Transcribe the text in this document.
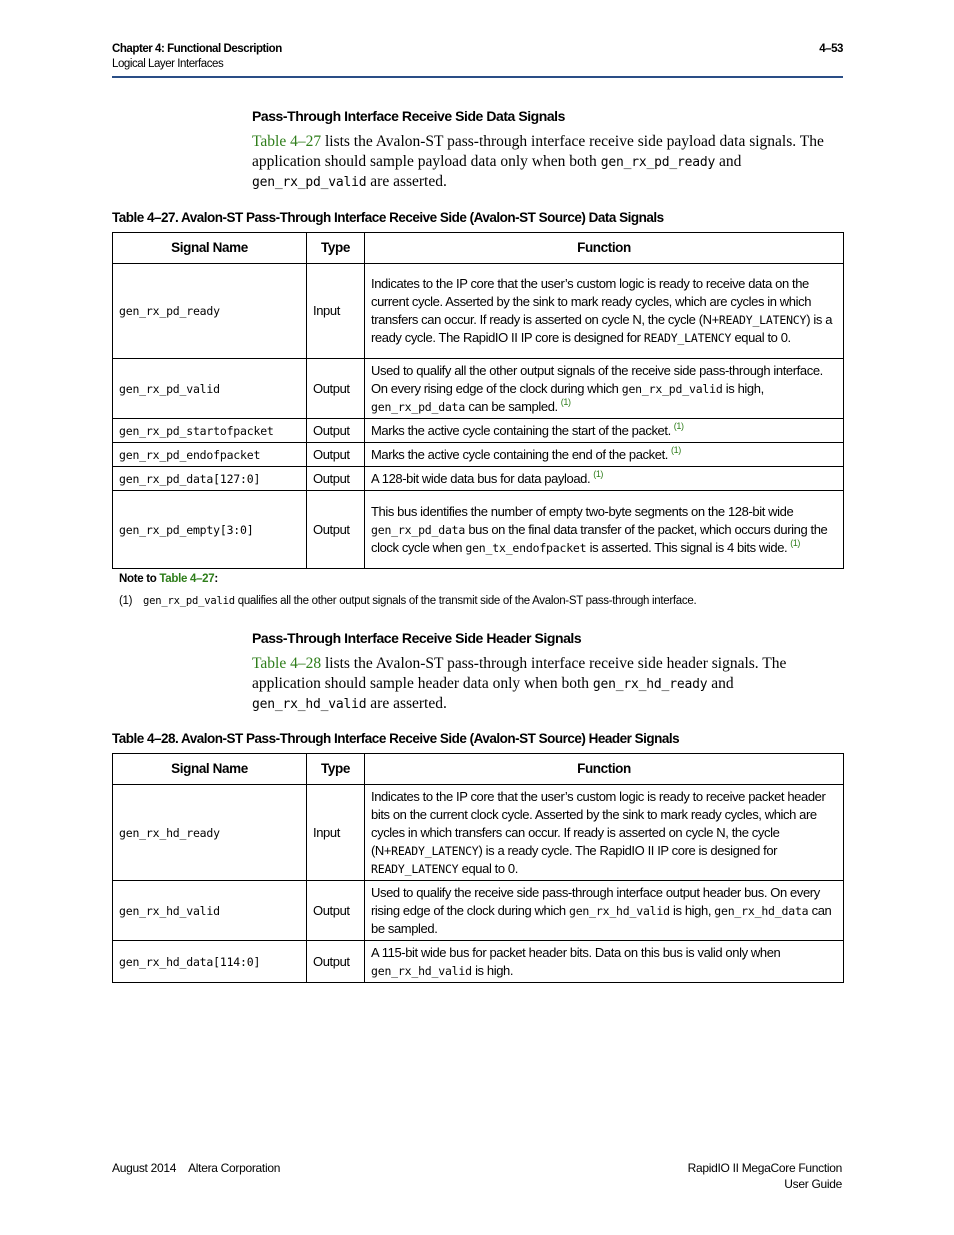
Chapter 4: Functional Description
Logical Layer Interfaces
4–53
Pass-Through Interface Receive Side Data Signals
Table 4–27 lists the Avalon-ST pass-through interface receive side payload data signals. The application should sample payload data only when both gen_rx_pd_ready and gen_rx_pd_valid are asserted.
Table 4–27. Avalon-ST Pass-Through Interface Receive Side (Avalon-ST Source) Data Signals
Signal Name	Type	Function
gen_rx_pd_ready	Input	Indicates to the IP core that the user’s custom logic is ready to receive data on the current cycle. Asserted by the sink to mark ready cycles, which are cycles in which transfers can occur. If ready is asserted on cycle N, the cycle (N+READY_LATENCY) is a ready cycle. The RapidIO II IP core is designed for READY_LATENCY equal to 0.
gen_rx_pd_valid	Output	Used to qualify all the other output signals of the receive side pass-through interface. On every rising edge of the clock during which gen_rx_pd_valid is high, gen_rx_pd_data can be sampled. $^{(1)}$
gen_rx_pd_startofpacket	Output	Marks the active cycle containing the start of the packet. $^{(1)}$
gen_rx_pd_endofpacket	Output	Marks the active cycle containing the end of the packet. $^{(1)}$
gen_rx_pd_data[127:0]	Output	A 128-bit wide data bus for data payload. $^{(1)}$
gen_rx_pd_empty[3:0]	Output	This bus identifies the number of empty two-byte segments on the 128-bit wide gen_rx_pd_data bus on the final data transfer of the packet, which occurs during the clock cycle when gen_tx_endofpacket is asserted. This signal is 4 bits wide. $^{(1)}$
Note to Table 4–27:
(1) gen_rx_pd_valid qualifies all the other output signals of the transmit side of the Avalon-ST pass-through interface.
Pass-Through Interface Receive Side Header Signals
Table 4–28 lists the Avalon-ST pass-through interface receive side header signals. The application should sample header data only when both gen_rx_hd_ready and gen_rx_hd_valid are asserted.
Table 4–28. Avalon-ST Pass-Through Interface Receive Side (Avalon-ST Source) Header Signals
Signal Name	Type	Function
gen_rx_hd_ready	Input	Indicates to the IP core that the user’s custom logic is ready to receive packet header bits on the current clock cycle. Asserted by the sink to mark ready cycles, which are cycles in which transfers can occur. If ready is asserted on cycle N, the cycle (N+READY_LATENCY) is a ready cycle. The RapidIO II IP core is designed for READY_LATENCY equal to 0.
gen_rx_hd_valid	Output	Used to qualify the receive side pass-through interface output header bus. On every rising edge of the clock during which gen_rx_hd_valid is high, gen_rx_hd_data can be sampled.
gen_rx_hd_data[114:0]	Output	A 115-bit wide bus for packet header bits. Data on this bus is valid only when gen_rx_hd_valid is high.
August 2014 Altera Corporation	RapidIO II MegaCore Function
User Guide
